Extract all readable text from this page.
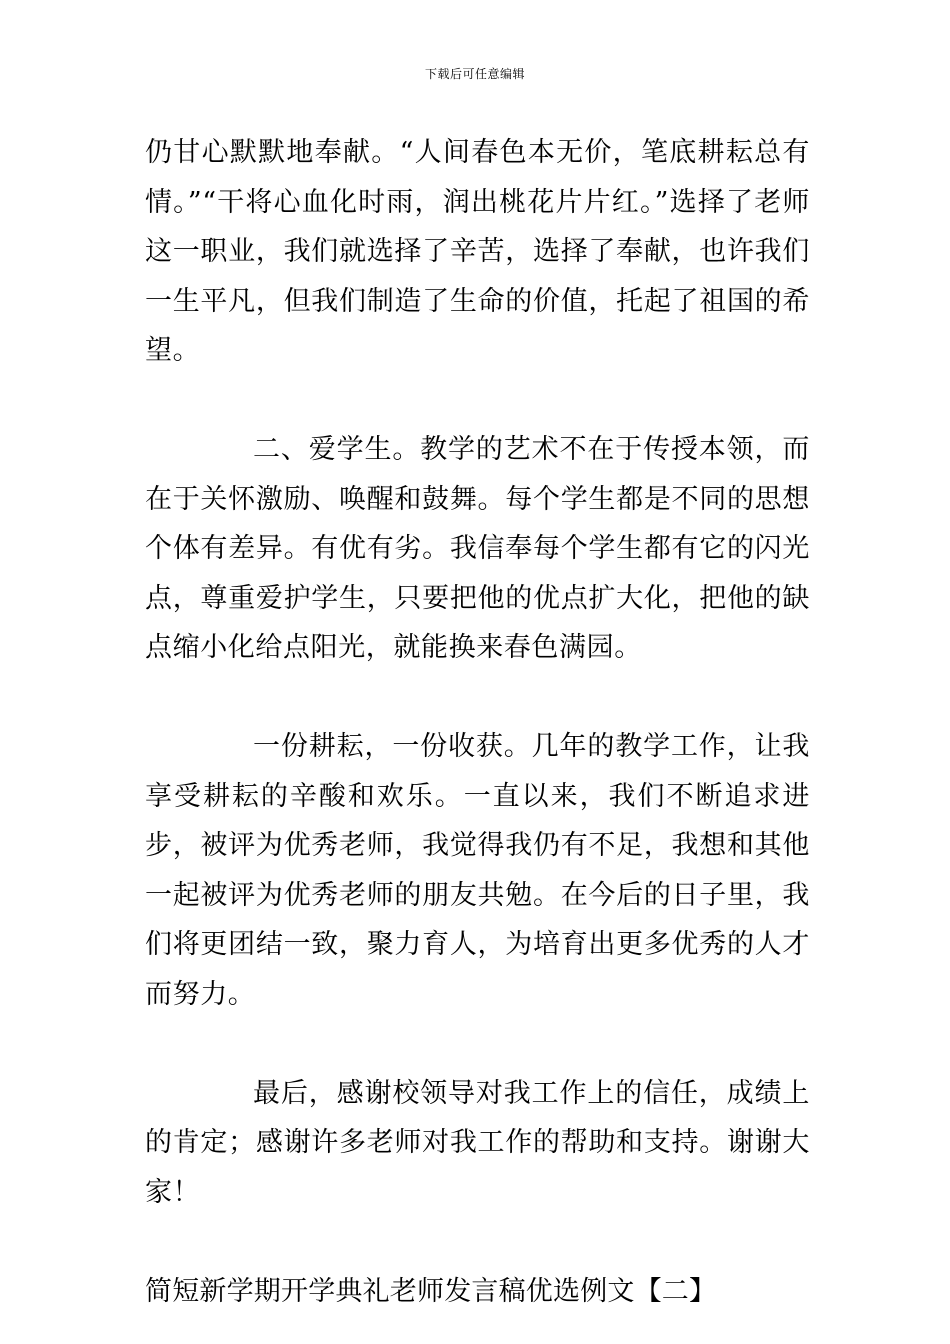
下载后可任意编辑

仍甘心默默地奉献。“人间春色本无价，笔底耕耘总有情。”“干将心血化时雨，润出桃花片片红。”选择了老师这一职业，我们就选择了辛苦，选择了奉献，也许我们一生平凡，但我们制造了生命的价值，托起了祖国的希望。

二、爱学生。教学的艺术不在于传授本领，而在于关怀激励、唤醒和鼓舞。每个学生都是不同的思想个体有差异。有优有劣。我信奉每个学生都有它的闪光点，尊重爱护学生，只要把他的优点扩大化，把他的缺点缩小化给点阳光，就能换来春色满园。

一份耕耘，一份收获。几年的教学工作，让我享受耕耘的辛酸和欢乐。一直以来，我们不断追求进步，被评为优秀老师，我觉得我仍有不足，我想和其他一起被评为优秀老师的朋友共勉。在今后的日子里，我们将更团结一致，聚力育人，为培育出更多优秀的人才而努力。

最后，感谢校领导对我工作上的信任，成绩上的肯定；感谢许多老师对我工作的帮助和支持。谢谢大家！

简短新学期开学典礼老师发言稿优选例文【二】
